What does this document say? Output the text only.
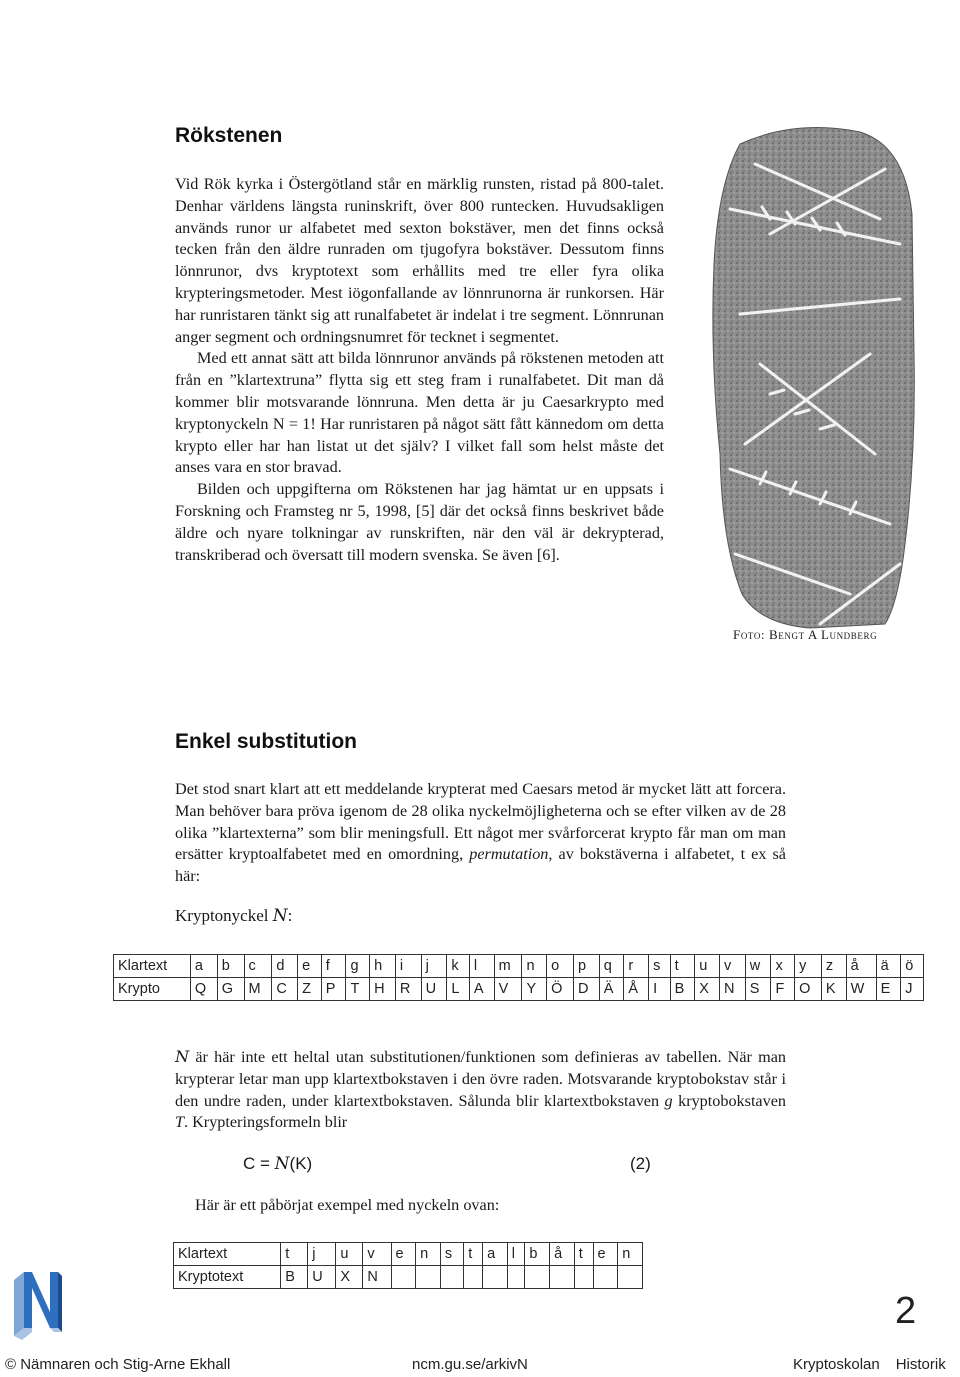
Rökstenen

Vid Rök kyrka i Östergötland står en märklig runsten, ristad på 800-talet. Denhar världens längsta runinskrift, över 800 runtecken. Huvudsakligen används runor ur alfabetet med sexton bokstäver, men det finns också tecken från den äldre runraden om tjugofyra bokstäver. Dessutom finns lönnrunor, dvs kryptotext som erhållits med tre eller fyra olika krypteringsmetoder. Mest iögonfallande av lönnrunorna är runkorsen. Här har runristaren tänkt sig att runalfabetet är indelat i tre segment. Lönnrunan anger segment och ordningsnumret för tecknet i segmentet.

Med ett annat sätt att bilda lönnrunor används på rökstenen metoden att från en ”klartextruna” flytta sig ett steg fram i runalfabetet. Dit man då kommer blir motsvarande lönnruna. Men detta är ju Caesarkrypto med kryptonyckeln N = 1! Har runristaren på något sätt fått kännedom om detta krypto eller har han listat ut det själv? I vilket fall som helst måste det anses vara en stor bravad.

Bilden och uppgifterna om Rökstenen har jag hämtat ur en uppsats i Forskning och Framsteg nr 5, 1998, [5] där det också finns beskrivet både äldre och nyare tolkningar av runskriften, när den väl är dekrypterad, transkriberad och översatt till modern svenska. Se även [6].

Foto: Bengt A Lundberg
Enkel substitution
Det stod snart klart att ett meddelande krypterat med Caesars metod är mycket lätt att forcera. Man behöver bara pröva igenom de 28 olika nyckelmöjligheterna och se efter vilken av de 28 olika ”klartexterna” som blir meningsfull. Ett något mer svårforcerat krypto får man om man ersätter kryptoalfabetet med en omordning, permutation, av bokstäverna i alfabetet, t ex så här:
Kryptonyckel N:
Klartext	a	b	c	d	e	f	g	h	i	j	k	l	m	n	o	p	q	r	s	t	u	v	w	x	y	z	å	ä	ö
Krypto	Q	G	M	C	Z	P	T	H	R	U	L	A	V	Y	Ö	D	Ä	Å	I	B	X	N	S	F	O	K	W	E	J
N är här inte ett heltal utan substitutionen/funktionen som definieras av tabellen. När man krypterar letar man upp klartextbokstaven i den övre raden. Motsvarande kryptobokstav står i den undre raden, under klartextbokstaven. Sålunda blir klartextbokstaven g kryptobokstaven T. Krypteringsformeln blir
C = N(K)	(2)
Här är ett påbörjat exempel med nyckeln ovan:
Klartext	t	j	u	v	e	n	s	t	a	l	b	å	t	e	n
Kryptotext	B	U	X	N											
2
© Nämnaren och Stig-Arne Ekhall	ncm.gu.se/arkivN	Kryptoskolan Historik
